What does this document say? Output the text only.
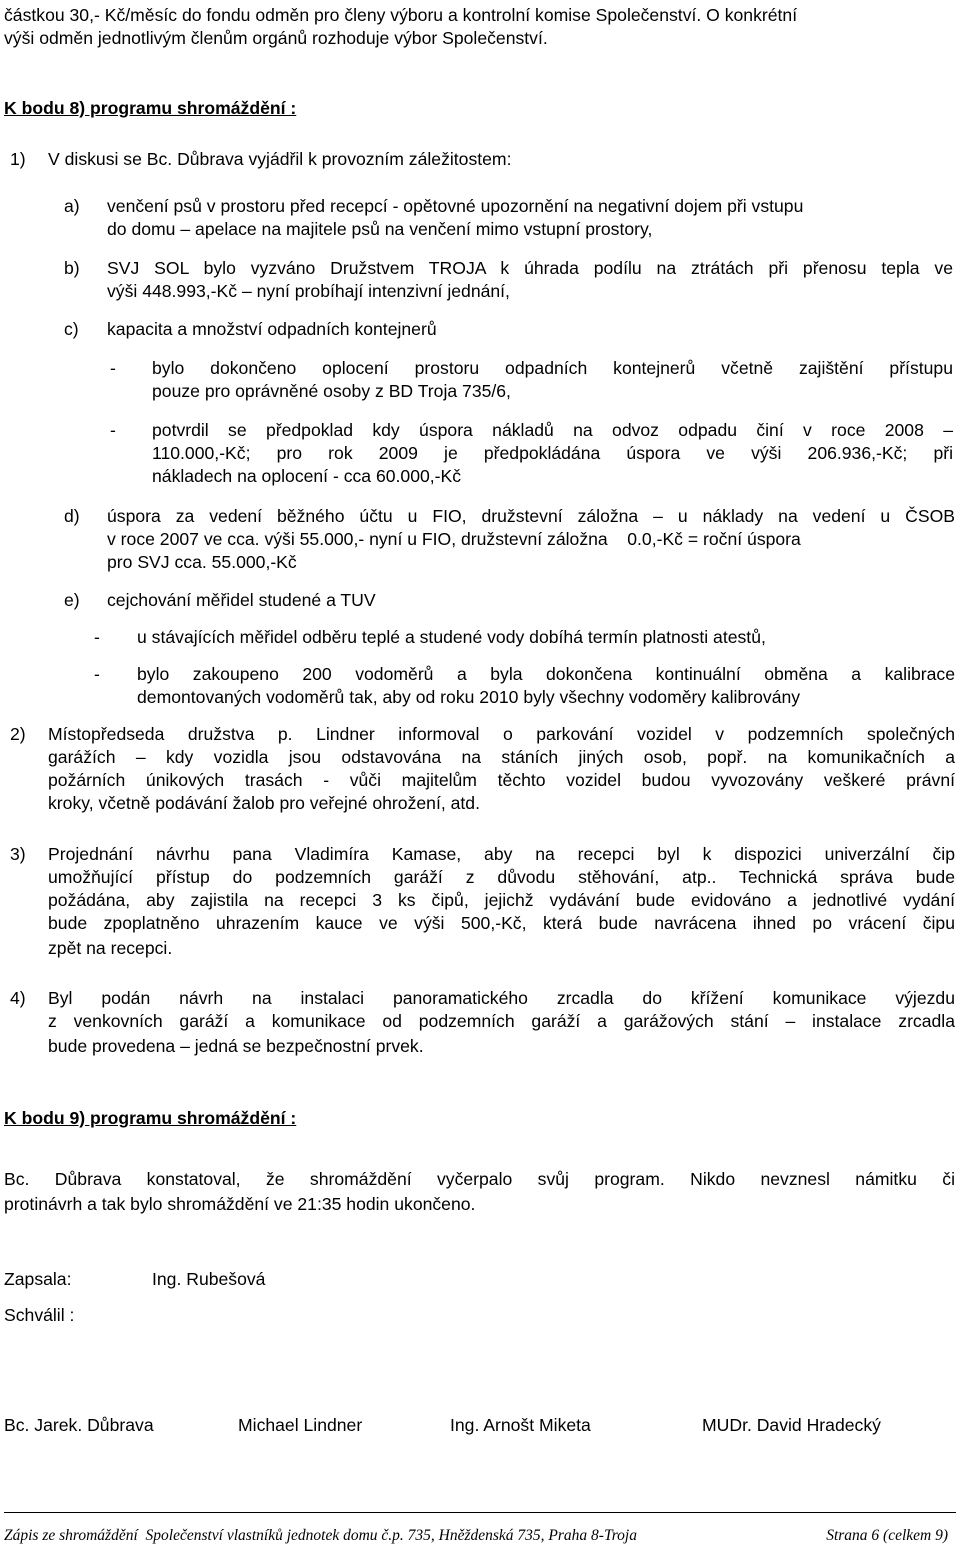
částkou 30,- Kč/měsíc do fondu odměn pro členy výboru a kontrolní komise Společenství. O konkrétní
výši odměn jednotlivým členům orgánů rozhoduje výbor Společenství.
K bodu 8) programu shromáždění :
1) V diskusi se Bc. Důbrava vyjádřil k provozním záležitostem:
a) venčení psů v prostoru před recepcí - opětovné upozornění na negativní dojem při vstupu
do domu – apelace na majitele psů na venčení mimo vstupní prostory,
b) SVJ SOL bylo vyzváno Družstvem TROJA k úhrada podílu na ztrátách při přenosu tepla ve
výši 448.993,-Kč – nyní probíhají intenzivní jednání,
c) kapacita a množství odpadních kontejnerů
- bylo dokončeno oplocení prostoru odpadních kontejnerů včetně zajištění přístupu
pouze pro oprávněné osoby z BD Troja 735/6,
- potvrdil se předpoklad kdy úspora nákladů na odvoz odpadu činí v roce 2008 –
110.000,-Kč; pro rok 2009 je předpokládána úspora ve výši 206.936,-Kč; při
nákladech na oplocení - cca 60.000,-Kč
d) úspora za vedení běžného účtu u FIO, družstevní záložna – u náklady na vedení u ČSOB
v roce 2007 ve cca. výši 55.000,- nyní u FIO, družstevní záložna    0.0,-Kč = roční úspora
pro SVJ cca. 55.000,-Kč
e) cejchování měřidel studené a TUV
- u stávajících měřidel odběru teplé a studené vody dobíhá termín platnosti atestů,
- bylo zakoupeno 200 vodoměrů a byla dokončena kontinuální obměna a kalibrace
demontovaných vodoměrů tak, aby od roku 2010 byly všechny vodoměry kalibrovány
2) Místopředseda družstva p. Lindner informoval o parkování vozidel v podzemních společných
garážích – kdy vozidla jsou odstavována na stáních jiných osob, popř. na komunikačních a
požárních únikových trasách - vůči majitelům těchto vozidel budou vyvozovány veškeré právní
kroky, včetně podávání žalob pro veřejné ohrožení, atd.
3) Projednání návrhu pana Vladimíra Kamase, aby na recepci byl k dispozici univerzální čip
umožňující přístup do podzemních garáží z důvodu stěhování, atp.. Technická správa bude
požádána, aby zajistila na recepci 3 ks čipů, jejichž vydávání bude evidováno a jednotlivé vydání
bude zpoplatněno uhrazením kauce ve výši 500,-Kč, která bude navrácena ihned po vrácení čipu
zpět na recepci.
4) Byl podán návrh na instalaci panoramatického zrcadla do křížení komunikace výjezdu
z venkovních garáží a komunikace od podzemních garáží a garážových stání – instalace zrcadla
bude provedena – jedná se bezpečnostní prvek.
K bodu 9) programu shromáždění :
Bc. Důbrava konstatoval, že shromáždění vyčerpalo svůj program. Nikdo nevznesl námitku či
protinávrh a tak bylo shromáždění ve 21:35 hodin ukončeno.
Zapsala:	Ing. Rubešová
Schválil :
Bc. Jarek. Důbrava	Michael Lindner	Ing. Arnošt Miketa	MUDr. David Hradecký
Zápis ze shromáždění  Společenství vlastníků jednotek domu č.p. 735, Hněždenská 735, Praha 8-Troja	Strana 6 (celkem 9)
